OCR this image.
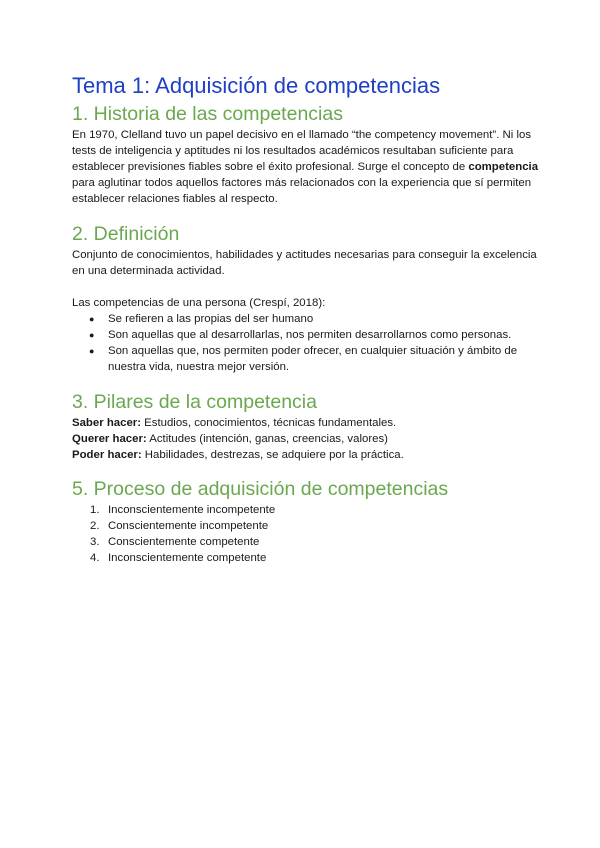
Tema 1: Adquisición de competencias
1. Historia de las competencias

En 1970, Clelland tuvo un papel decisivo en el llamado “the competency movement”. Ni los tests de inteligencia y aptitudes ni los resultados académicos resultaban suficiente para establecer previsiones fiables sobre el éxito profesional. Surge el concepto de competencia para aglutinar todos aquellos factores más relacionados con la experiencia que sí permiten establecer relaciones fiables al respecto.

2. Definición

Conjunto de conocimientos, habilidades y actitudes necesarias para conseguir la excelencia en una determinada actividad.

Las competencias de una persona (Crespí, 2018):

● Se refieren a las propias del ser humano
● Son aquellas que al desarrollarlas, nos permiten desarrollarnos como personas.
● Son aquellas que, nos permiten poder ofrecer, en cualquier situación y ámbito de nuestra vida, nuestra mejor versión.
3. Pilares de la competencia

Saber hacer: Estudios, conocimientos, técnicas fundamentales.

Querer hacer: Actitudes (intención, ganas, creencias, valores)

Poder hacer: Habilidades, destrezas, se adquiere por la práctica.

5. Proceso de adquisición de competencias
1. Inconscientemente incompetente
2. Conscientemente incompetente
3. Conscientemente competente
4. Inconscientemente competente
